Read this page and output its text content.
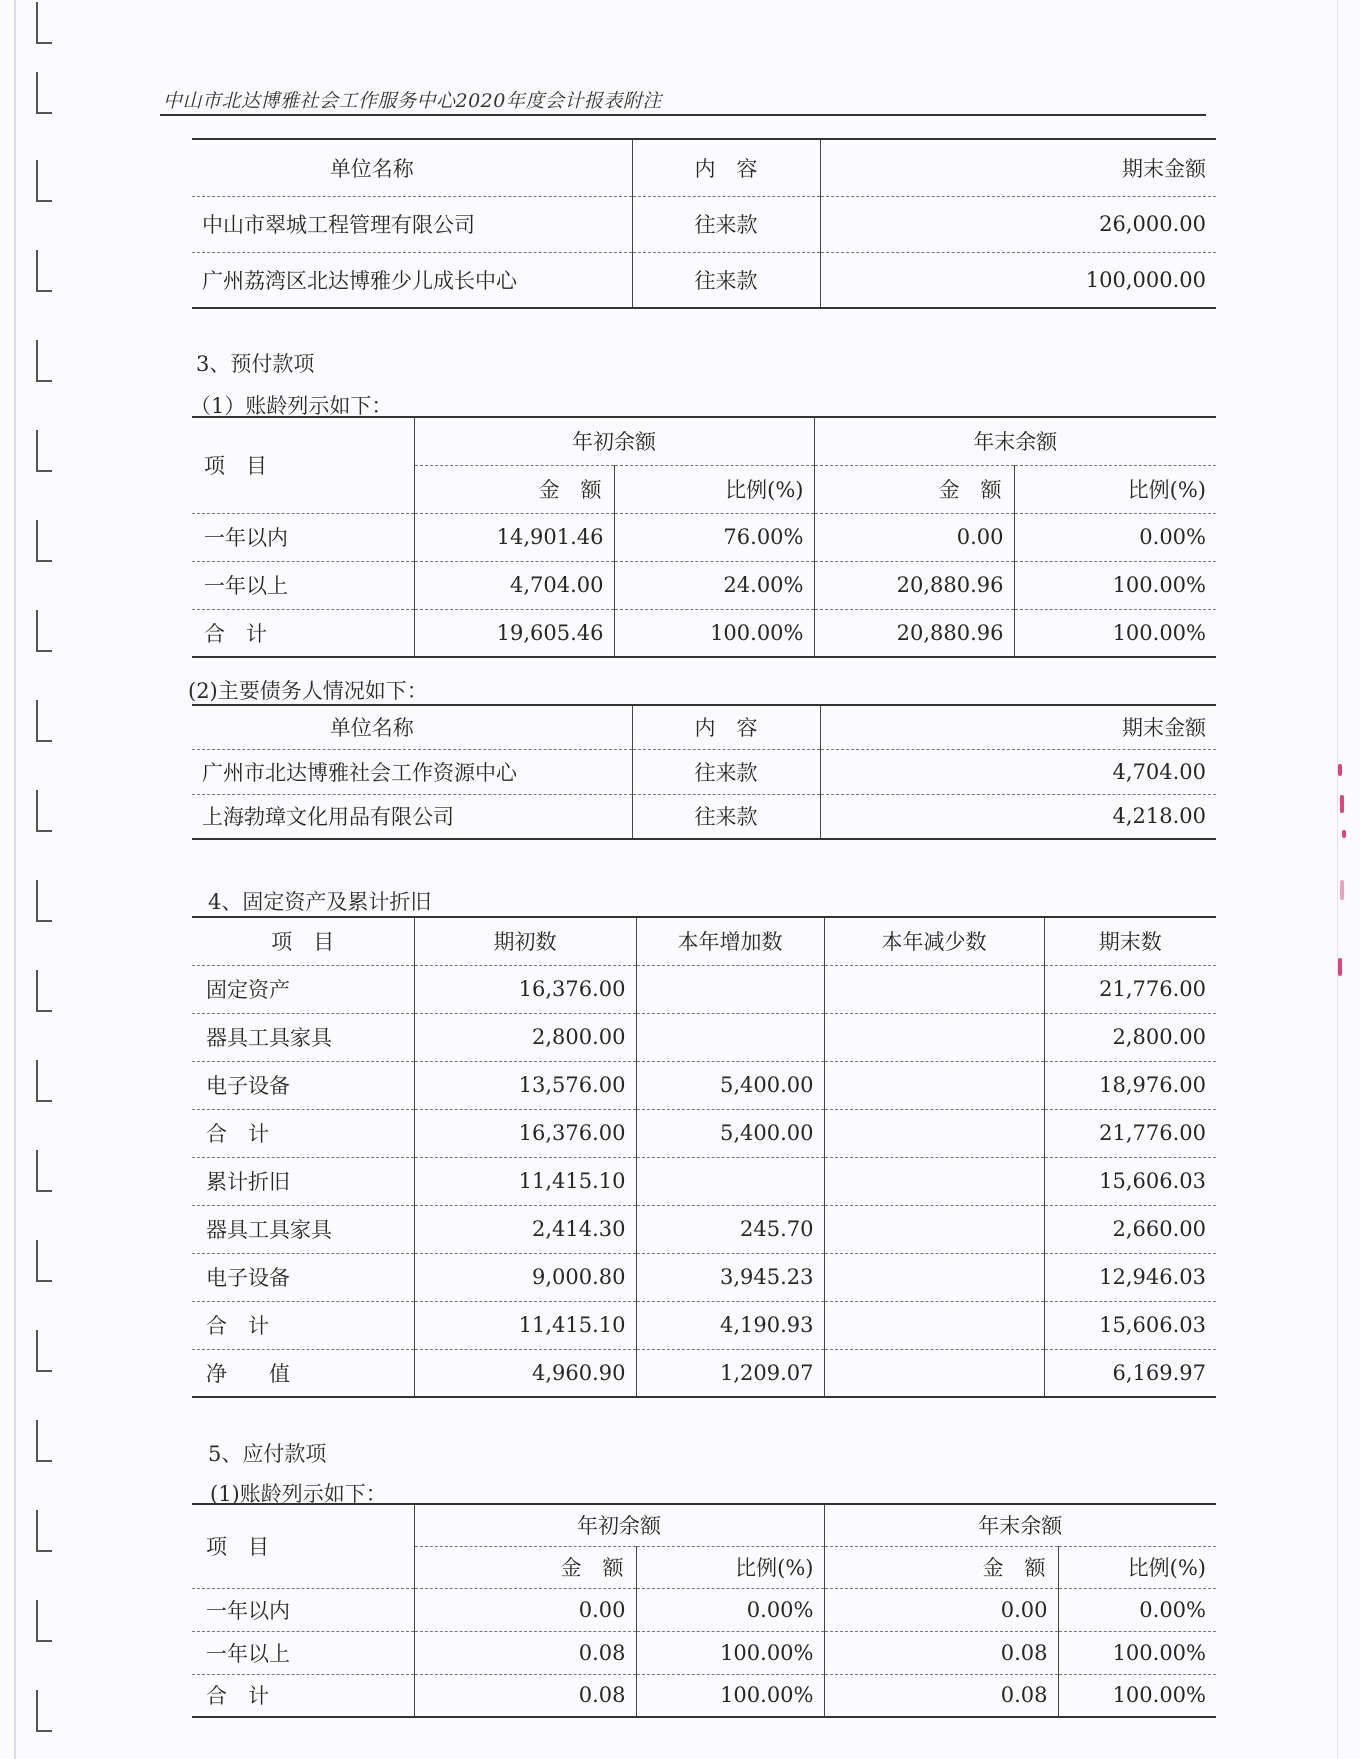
中山市北达博雅社会工作服务中心2020年度会计报表附注
单位名称	内　容	期末金额
中山市翠城工程管理有限公司	往来款	26,000.00
广州荔湾区北达博雅少儿成长中心	往来款	100,000.00
3、预付款项
（1）账龄列示如下：
项　目	年初余额		年末余额	
	金　额	比例(%)	金　额	比例(%)
一年以内	14,901.46	76.00%	0.00	0.00%
一年以上	4,704.00	24.00%	20,880.96	100.00%
合　计	19,605.46	100.00%	20,880.96	100.00%
(2)主要债务人情况如下：
单位名称	内　容	期末金额
广州市北达博雅社会工作资源中心	往来款	4,704.00
上海勃璋文化用品有限公司	往来款	4,218.00
4、固定资产及累计折旧
项　目	期初数	本年增加数	本年减少数	期末数
固定资产	16,376.00			21,776.00
器具工具家具	2,800.00			2,800.00
电子设备	13,576.00	5,400.00		18,976.00
合　计	16,376.00	5,400.00		21,776.00
累计折旧	11,415.10			15,606.03
器具工具家具	2,414.30	245.70		2,660.00
电子设备	9,000.80	3,945.23		12,946.03
合　计	11,415.10	4,190.93		15,606.03
净　　值	4,960.90	1,209.07		6,169.97
5、应付款项
(1)账龄列示如下：
项　目	年初余额		年末余额	
	金　额	比例(%)	金　额	比例(%)
一年以内	0.00	0.00%	0.00	0.00%
一年以上	0.08	100.00%	0.08	100.00%
合　计	0.08	100.00%	0.08	100.00%
